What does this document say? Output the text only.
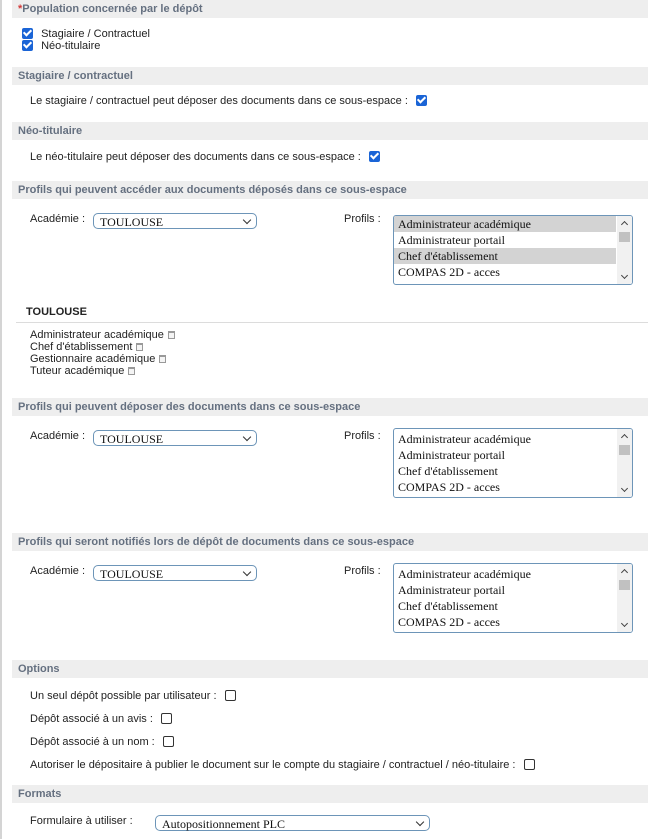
*Population concernée par le dépôt
Stagiaire / Contractuel
Néo-titulaire
Stagiaire / contractuel
Le stagiaire / contractuel peut déposer des documents dans ce sous-espace :
Néo-titulaire
Le néo-titulaire peut déposer des documents dans ce sous-espace :
Profils qui peuvent accéder aux documents déposés dans ce sous-espace
Académie :	TOULOUSE	Profils :	Administrateur académique
Administrateur portail
Chef d'établissement
COMPAS 2D - acces
TOULOUSE
Administrateur académique
Chef d'établissement
Gestionnaire académique
Tuteur académique
Profils qui peuvent déposer des documents dans ce sous-espace
Académie :	TOULOUSE	Profils :	Administrateur académique
Administrateur portail
Chef d'établissement
COMPAS 2D - acces
Profils qui seront notifiés lors de dépôt de documents dans ce sous-espace
Académie :	TOULOUSE	Profils :	Administrateur académique
Administrateur portail
Chef d'établissement
COMPAS 2D - acces
Options
Un seul dépôt possible par utilisateur :
Dépôt associé à un avis :
Dépôt associé à un nom :
Autoriser le dépositaire à publier le document sur le compte du stagiaire / contractuel / néo-titulaire :
Formats
Formulaire à utiliser :	Autopositionnement PLC
